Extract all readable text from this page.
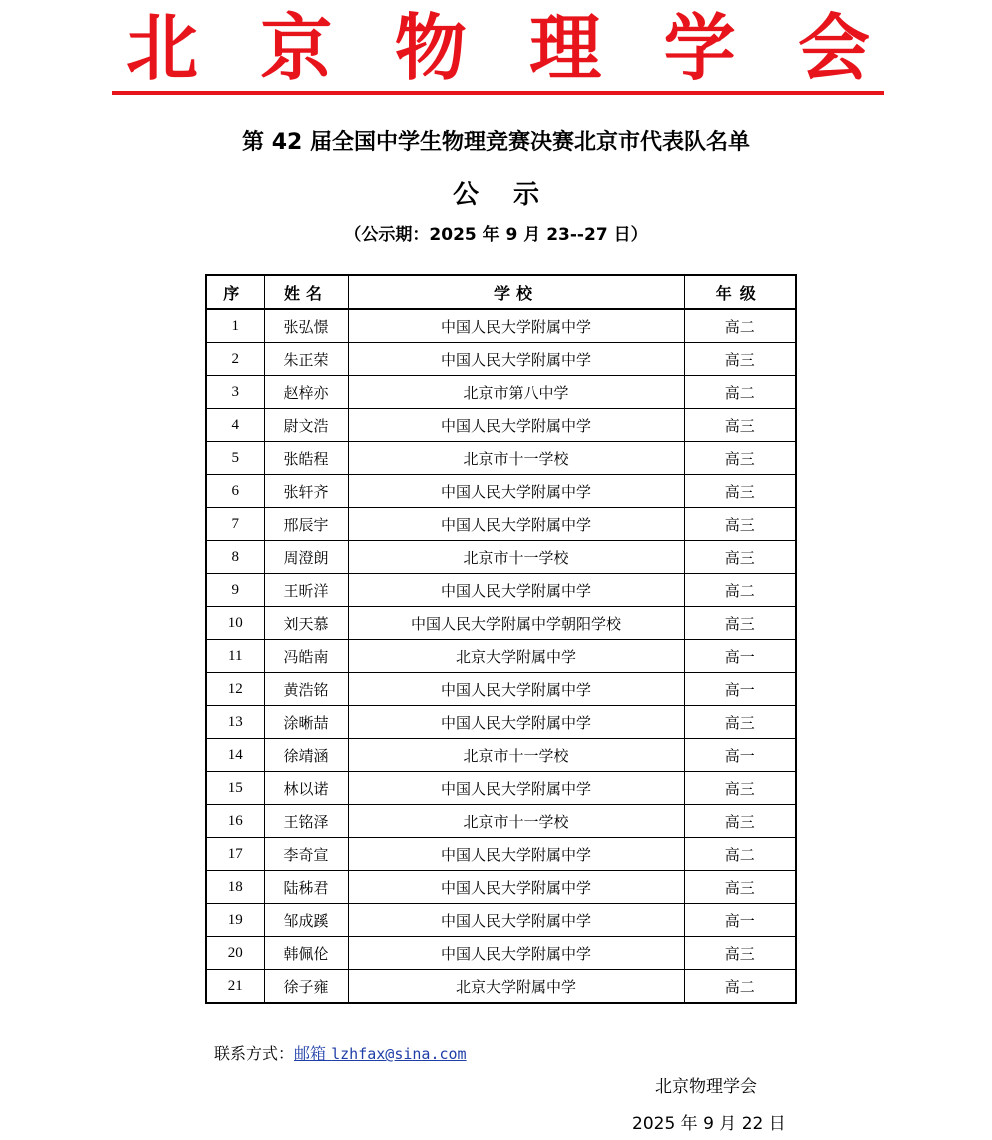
北 京 物 理 学 会
第 42 届全国中学生物理竞赛决赛北京市代表队名单
公示
（公示期：2025 年 9 月 23--27 日）
序	姓名	学校	年级
1	张弘憬	中国人民大学附属中学	高二
2	朱正荣	中国人民大学附属中学	高三
3	赵梓亦	北京市第八中学	高二
4	尉文浩	中国人民大学附属中学	高三
5	张皓程	北京市十一学校	高三
6	张轩齐	中国人民大学附属中学	高三
7	邢辰宇	中国人民大学附属中学	高三
8	周澄朗	北京市十一学校	高三
9	王昕洋	中国人民大学附属中学	高二
10	刘天慕	中国人民大学附属中学朝阳学校	高三
11	冯皓南	北京大学附属中学	高一
12	黄浩铭	中国人民大学附属中学	高一
13	涂晰喆	中国人民大学附属中学	高三
14	徐靖涵	北京市十一学校	高一
15	林以诺	中国人民大学附属中学	高三
16	王铭泽	北京市十一学校	高三
17	李奇宣	中国人民大学附属中学	高二
18	陆秭君	中国人民大学附属中学	高三
19	邹成蹊	中国人民大学附属中学	高一
20	韩佩伦	中国人民大学附属中学	高三
21	徐子雍	北京大学附属中学	高二
联系方式：邮箱 lzhfax@sina.com
北京物理学会
2025 年 9 月 22 日
